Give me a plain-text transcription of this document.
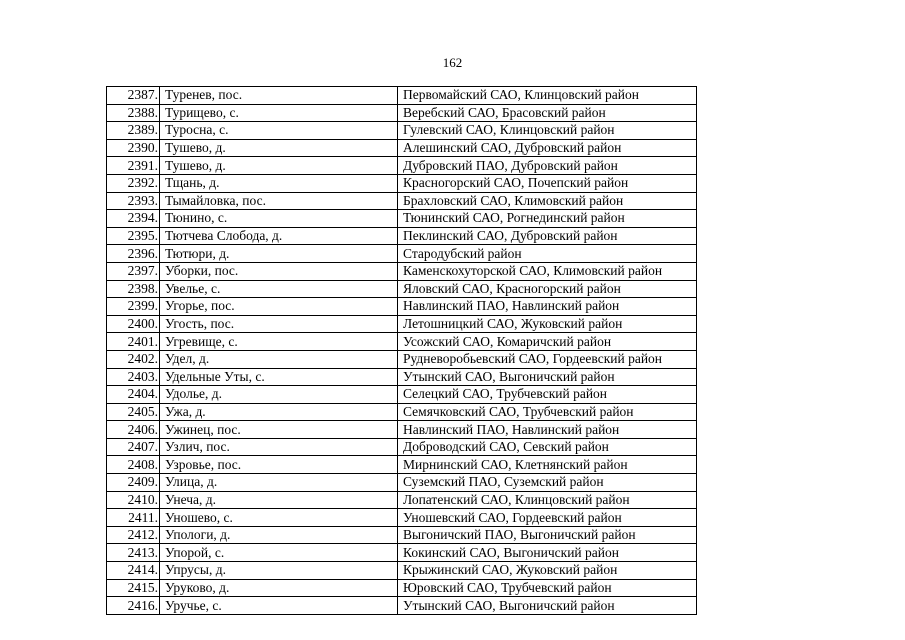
162
2387.	Туренев, пос.	Первомайский САО, Клинцовский район
2388.	Турищево, с.	Веребский САО, Брасовский район
2389.	Туросна, с.	Гулевский САО, Клинцовский район
2390.	Тушево, д.	Алешинский САО, Дубровский район
2391.	Тушево, д.	Дубровский ПАО, Дубровский район
2392.	Тщань, д.	Красногорский САО, Почепский район
2393.	Тымайловка, пос.	Брахловский САО, Климовский район
2394.	Тюнино, с.	Тюнинский САО, Рогнединский район
2395.	Тютчева Слобода, д.	Пеклинский САО, Дубровский район
2396.	Тютюри, д.	Стародубский район
2397.	Уборки, пос.	Каменскохуторской САО, Климовский район
2398.	Увелье, с.	Яловский САО, Красногорский район
2399.	Угорье, пос.	Навлинский ПАО, Навлинский район
2400.	Угость, пос.	Летошницкий САО, Жуковский район
2401.	Угревище, с.	Усожский САО, Комаричский район
2402.	Удел, д.	Рудневоробьевский САО, Гордеевский район
2403.	Удельные Уты, с.	Утынский САО, Выгоничский район
2404.	Удолье, д.	Селецкий САО, Трубчевский район
2405.	Ужа, д.	Семячковский САО, Трубчевский район
2406.	Ужинец, пос.	Навлинский ПАО, Навлинский район
2407.	Узлич, пос.	Доброводский САО, Севский район
2408.	Узровье, пос.	Мирнинский САО, Клетнянский район
2409.	Улица, д.	Суземский ПАО, Суземский район
2410.	Унеча, д.	Лопатенский САО, Клинцовский район
2411.	Уношево, с.	Уношевский САО, Гордеевский район
2412.	Упологи, д.	Выгоничский ПАО, Выгоничский район
2413.	Упорой, с.	Кокинский САО, Выгоничский район
2414.	Упрусы, д.	Крыжинский САО, Жуковский район
2415.	Уруково, д.	Юровский САО, Трубчевский район
2416.	Уручье, с.	Утынский САО, Выгоничский район
